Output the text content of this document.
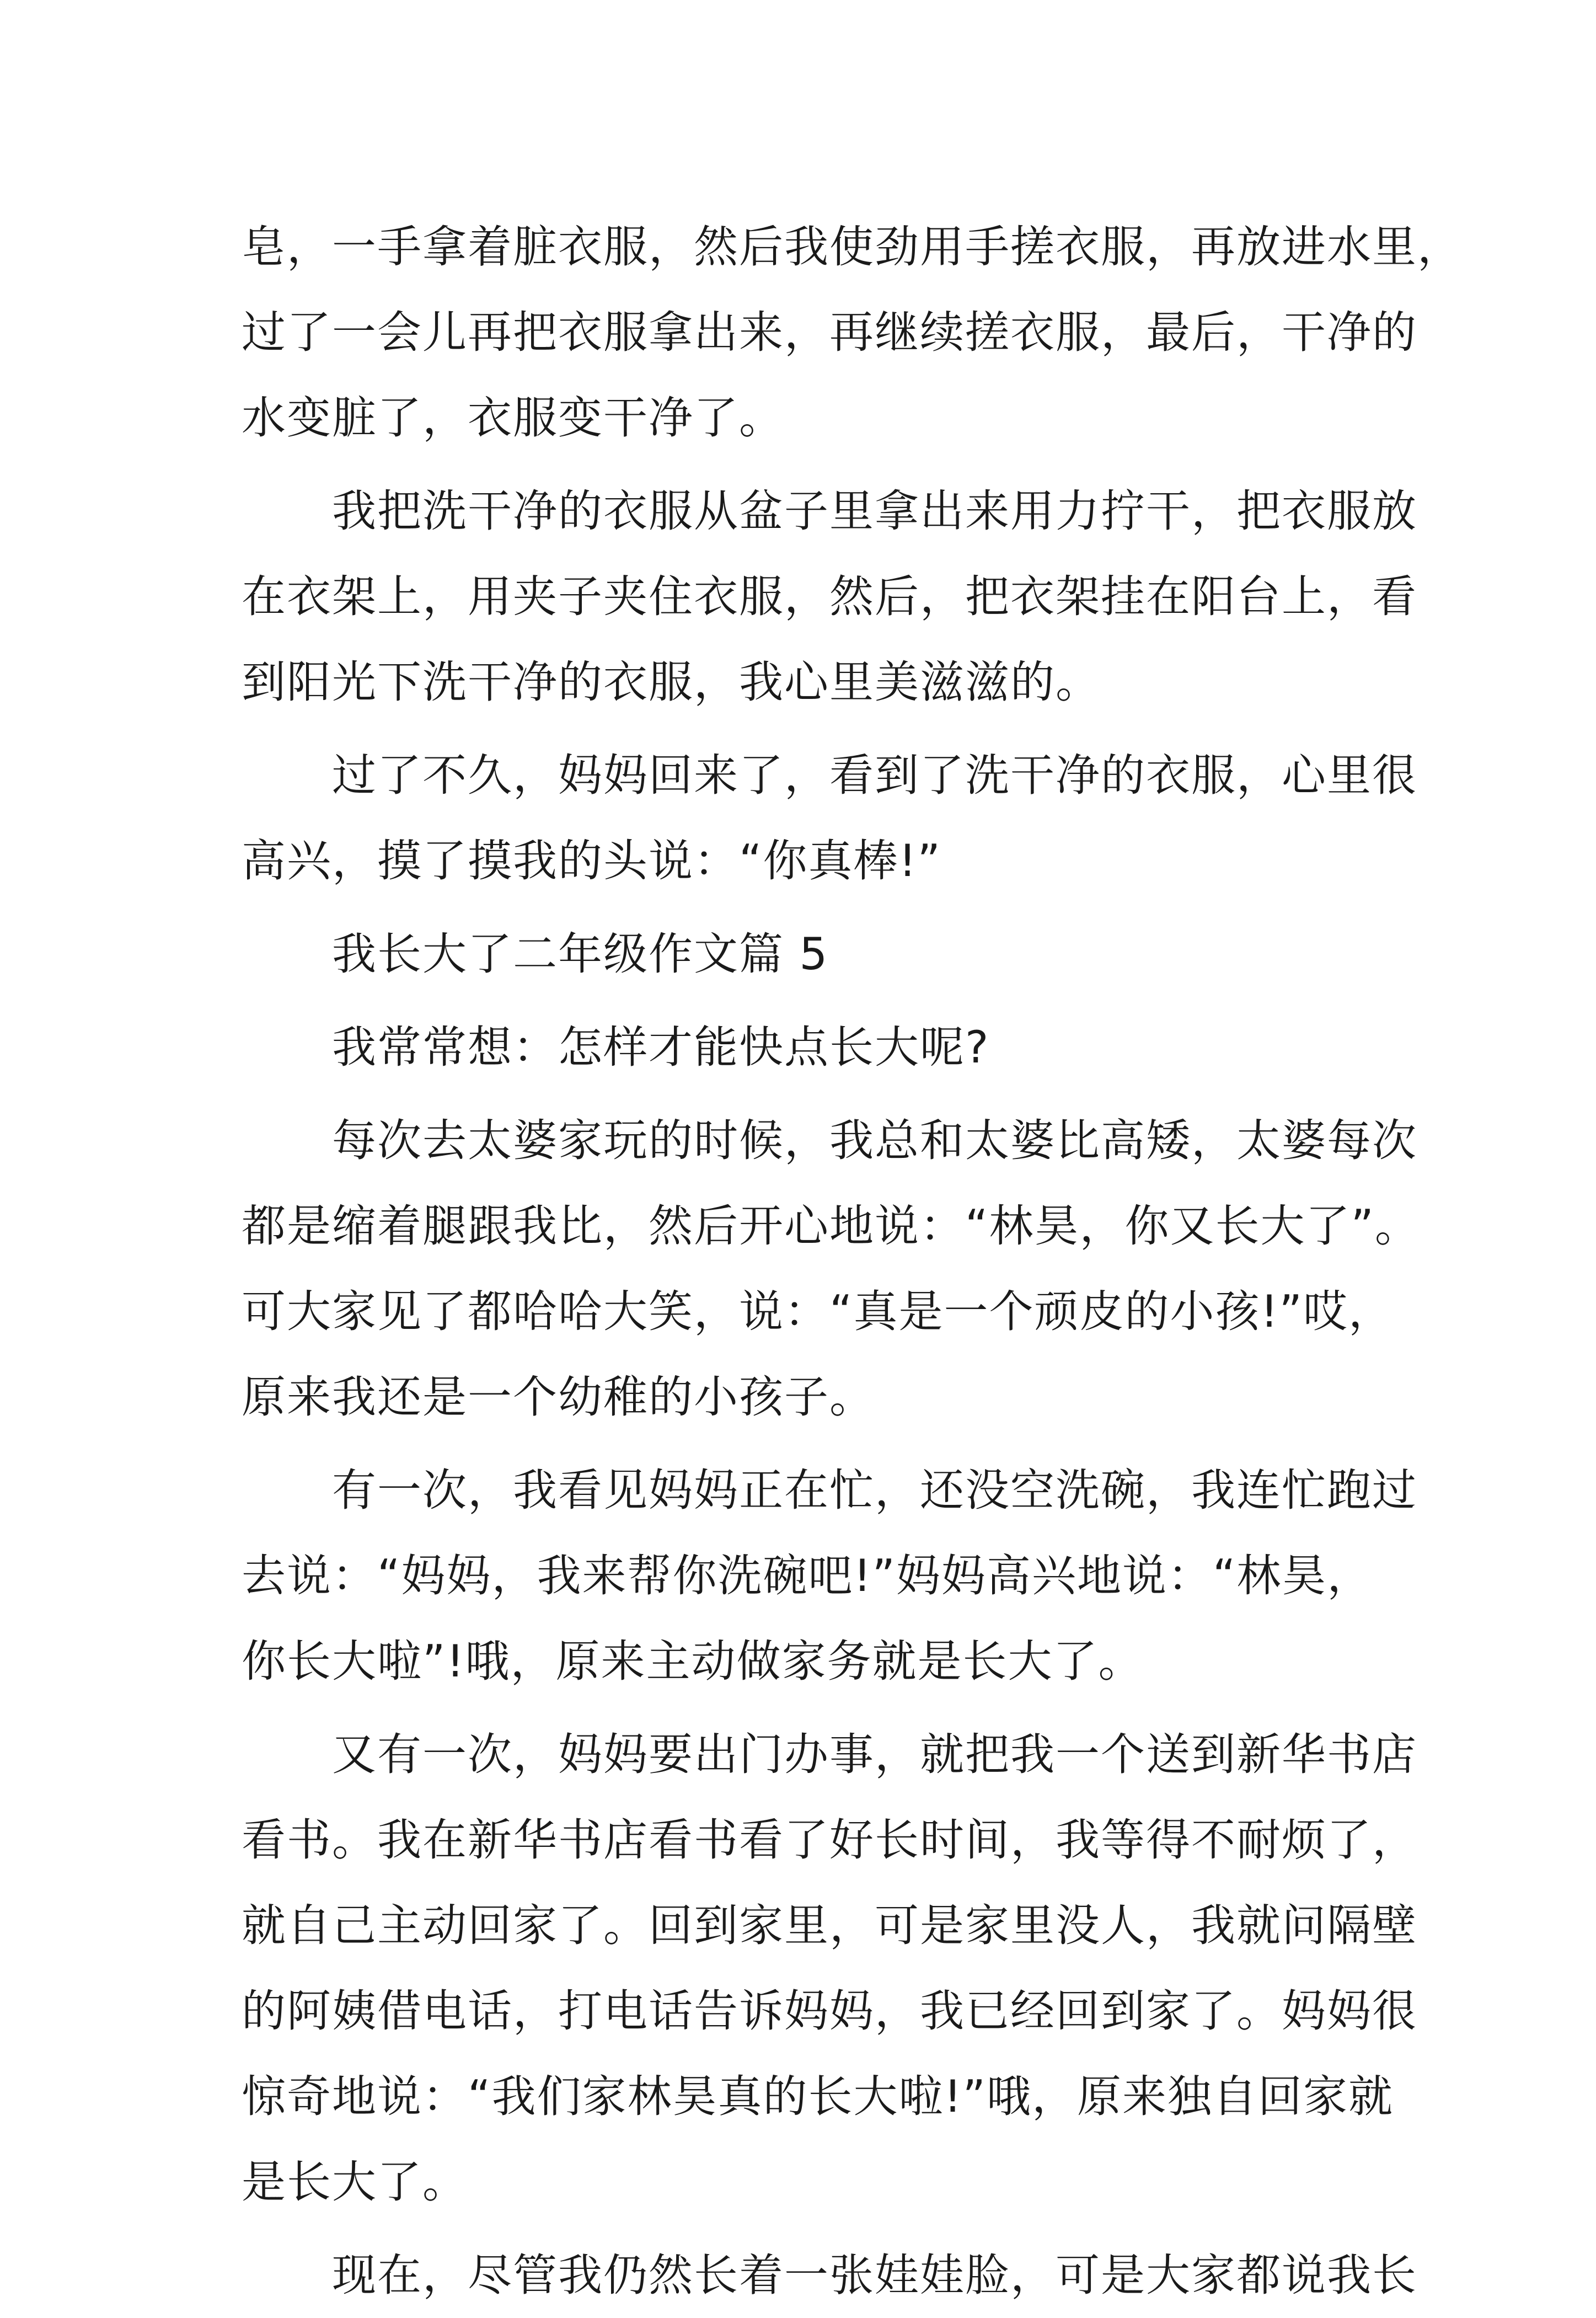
皂，一手拿着脏衣服，然后我使劲用手搓衣服，再放进水里，
过了一会儿再把衣服拿出来，再继续搓衣服，最后，干净的
水变脏了，衣服变干净了。
　　我把洗干净的衣服从盆子里拿出来用力拧干，把衣服放
在衣架上，用夹子夹住衣服，然后，把衣架挂在阳台上，看
到阳光下洗干净的衣服，我心里美滋滋的。
　　过了不久，妈妈回来了，看到了洗干净的衣服，心里很
高兴，摸了摸我的头说：“你真棒!”
　　我长大了二年级作文篇 5
　　我常常想：怎样才能快点长大呢?
　　每次去太婆家玩的时候，我总和太婆比高矮，太婆每次
都是缩着腿跟我比，然后开心地说：“林昊，你又长大了”。
可大家见了都哈哈大笑，说：“真是一个顽皮的小孩!”哎，
原来我还是一个幼稚的小孩子。
　　有一次，我看见妈妈正在忙，还没空洗碗，我连忙跑过
去说：“妈妈，我来帮你洗碗吧!”妈妈高兴地说：“林昊，
你长大啦”!哦，原来主动做家务就是长大了。
　　又有一次，妈妈要出门办事，就把我一个送到新华书店
看书。我在新华书店看书看了好长时间，我等得不耐烦了，
就自己主动回家了。回到家里，可是家里没人，我就问隔壁
的阿姨借电话，打电话告诉妈妈，我已经回到家了。妈妈很
惊奇地说：“我们家林昊真的长大啦!”哦，原来独自回家就
是长大了。
　　现在，尽管我仍然长着一张娃娃脸，可是大家都说我长
